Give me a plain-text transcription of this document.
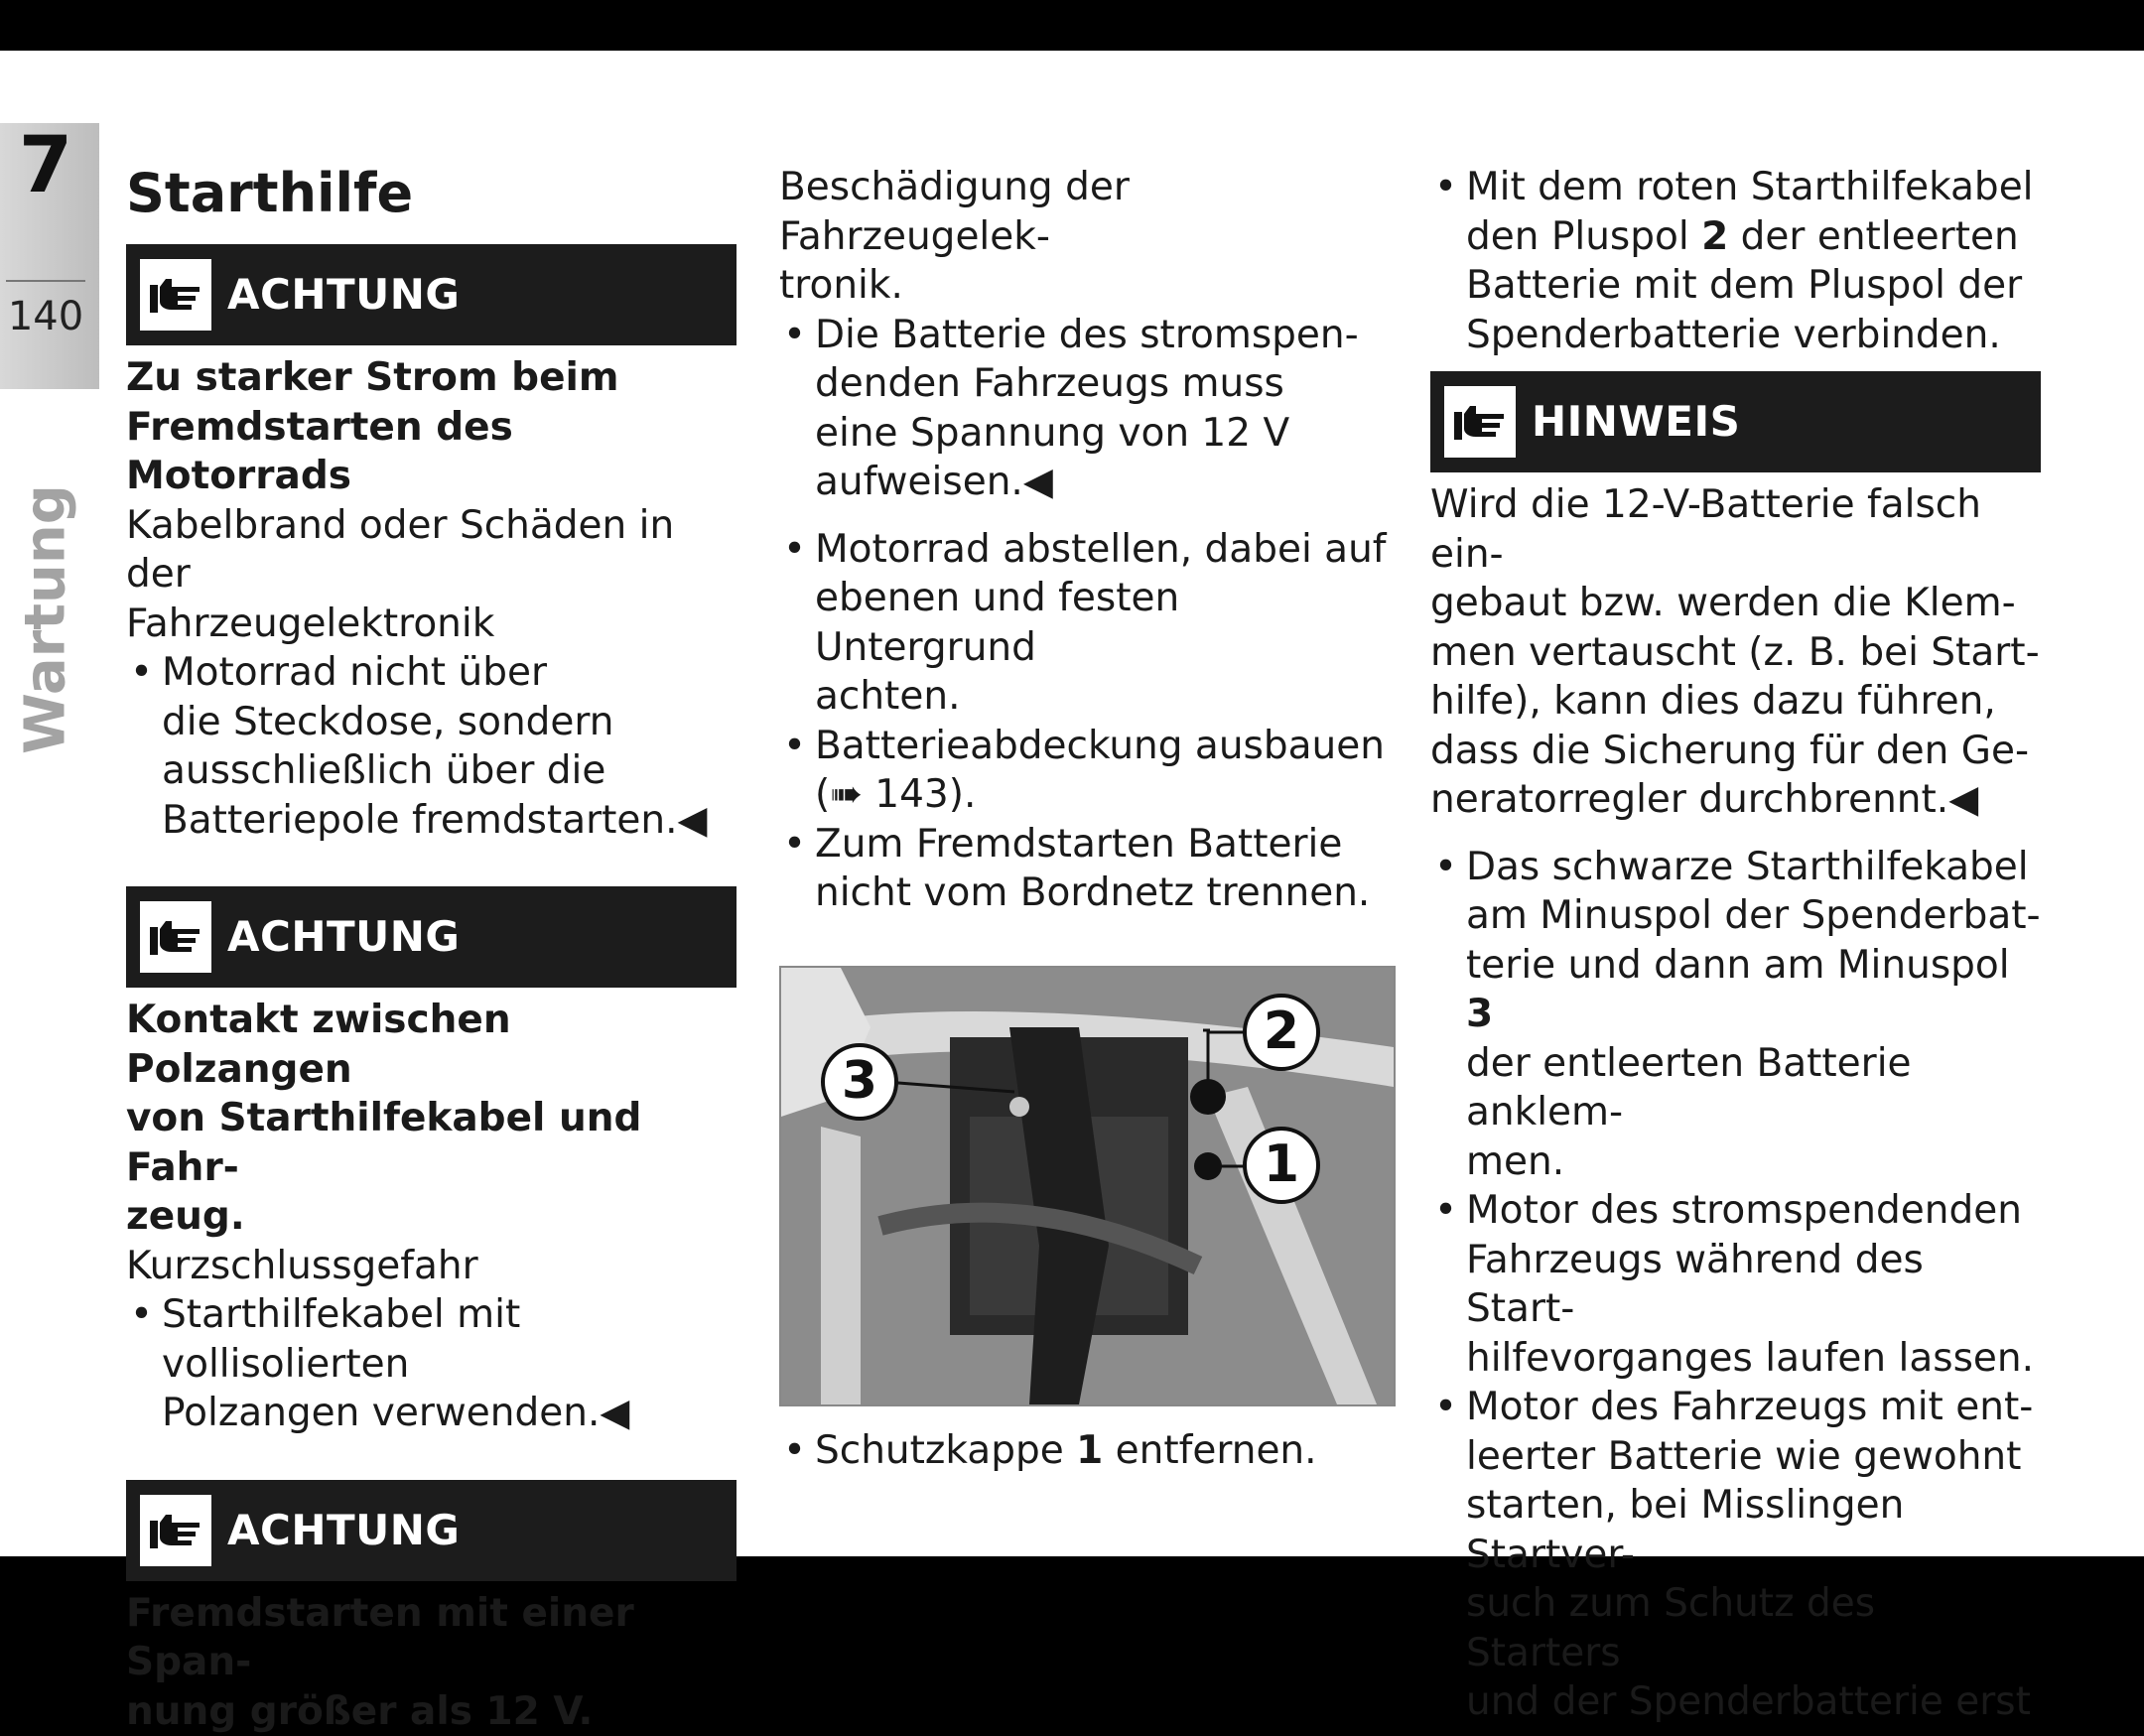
7
140
Wartung
Starthilfe
ACHTUNG
Zu starker Strom beim
Fremdstarten des Motorrads
Kabelbrand oder Schäden in der
Fahrzeugelektronik
• Motorrad nicht über
die Steckdose, sondern
ausschließlich über die
Batteriepole fremdstarten.◀
ACHTUNG
Kontakt zwischen Polzangen
von Starthilfekabel und Fahr-
zeug.
Kurzschlussgefahr
• Starthilfekabel mit vollisolierten
Polzangen verwenden.◀
ACHTUNG
Fremdstarten mit einer Span-
nung größer als 12 V.
Beschädigung der Fahrzeugelek-
tronik.
• Die Batterie des stromspen-
denden Fahrzeugs muss
eine Spannung von 12 V
aufweisen.◀
• Motorrad abstellen, dabei auf
ebenen und festen Untergrund
achten.
• Batterieabdeckung ausbauen
(➠ 143).
• Zum Fremdstarten Batterie
nicht vom Bordnetz trennen.
2
1
3
• Schutzkappe 1 entfernen.
• Mit dem roten Starthilfekabel
den Pluspol 2 der entleerten
Batterie mit dem Pluspol der
Spenderbatterie verbinden.
HINWEIS
Wird die 12-V-Batterie falsch ein-
gebaut bzw. werden die Klem-
men vertauscht (z. B. bei Start-
hilfe), kann dies dazu führen,
dass die Sicherung für den Ge-
neratorregler durchbrennt.◀
• Das schwarze Starthilfekabel
am Minuspol der Spenderbat-
terie und dann am Minuspol 3
der entleerten Batterie anklem-
men.
• Motor des stromspendenden
Fahrzeugs während des Start-
hilfevorganges laufen lassen.
• Motor des Fahrzeugs mit ent-
leerter Batterie wie gewohnt
starten, bei Misslingen Startver-
such zum Schutz des Starters
und der Spenderbatterie erst
